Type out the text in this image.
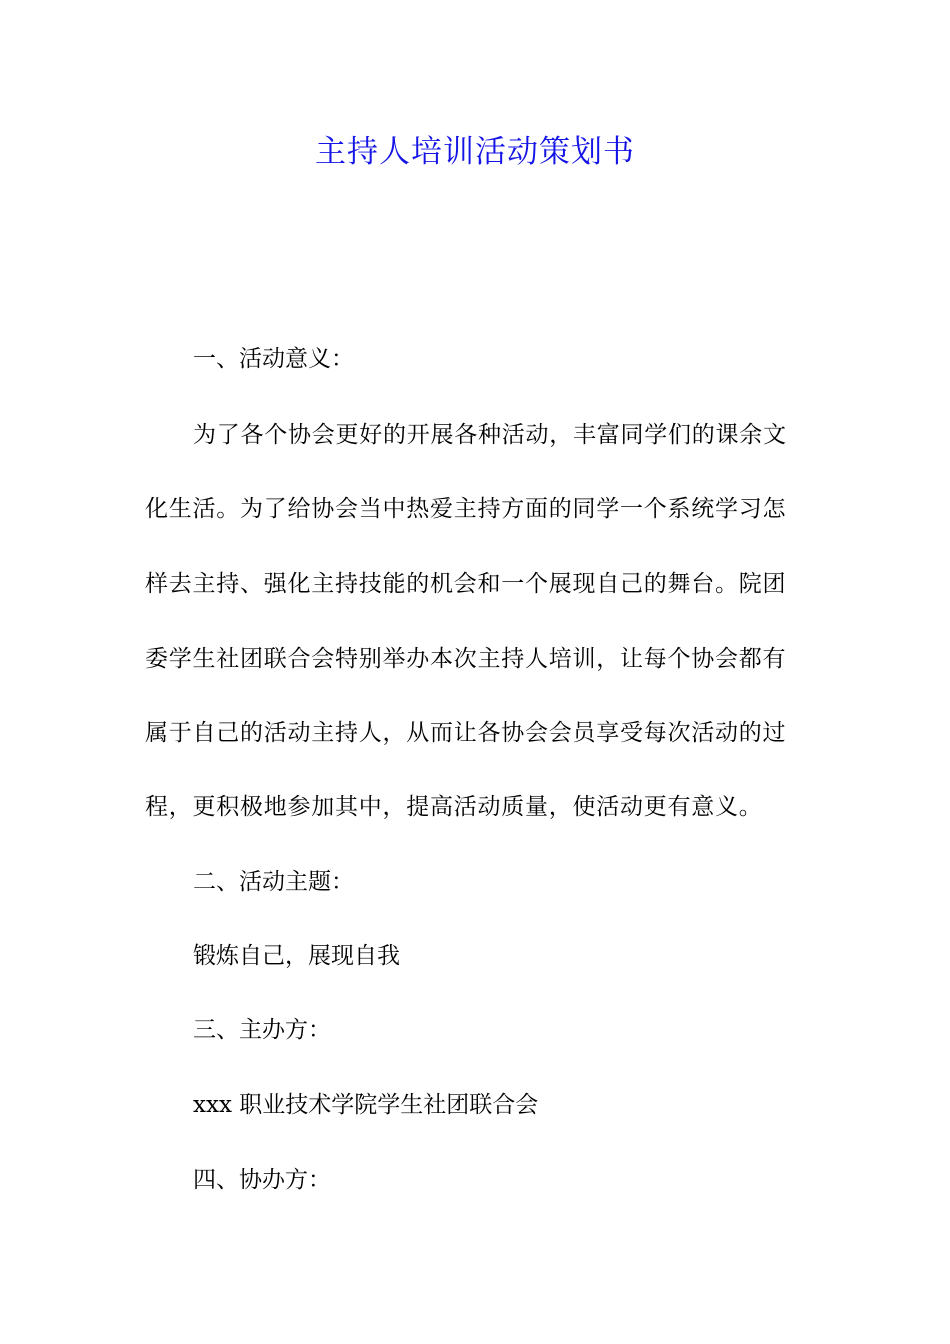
主持人培训活动策划书
一、活动意义：
为了各个协会更好的开展各种活动，丰富同学们的课余文
化生活。为了给协会当中热爱主持方面的同学一个系统学习怎
样去主持、强化主持技能的机会和一个展现自己的舞台。院团
委学生社团联合会特别举办本次主持人培训，让每个协会都有
属于自己的活动主持人，从而让各协会会员享受每次活动的过
程，更积极地参加其中，提高活动质量，使活动更有意义。
二、活动主题：
锻炼自己，展现自我
三、主办方：
xxx 职业技术学院学生社团联合会
四、协办方：
